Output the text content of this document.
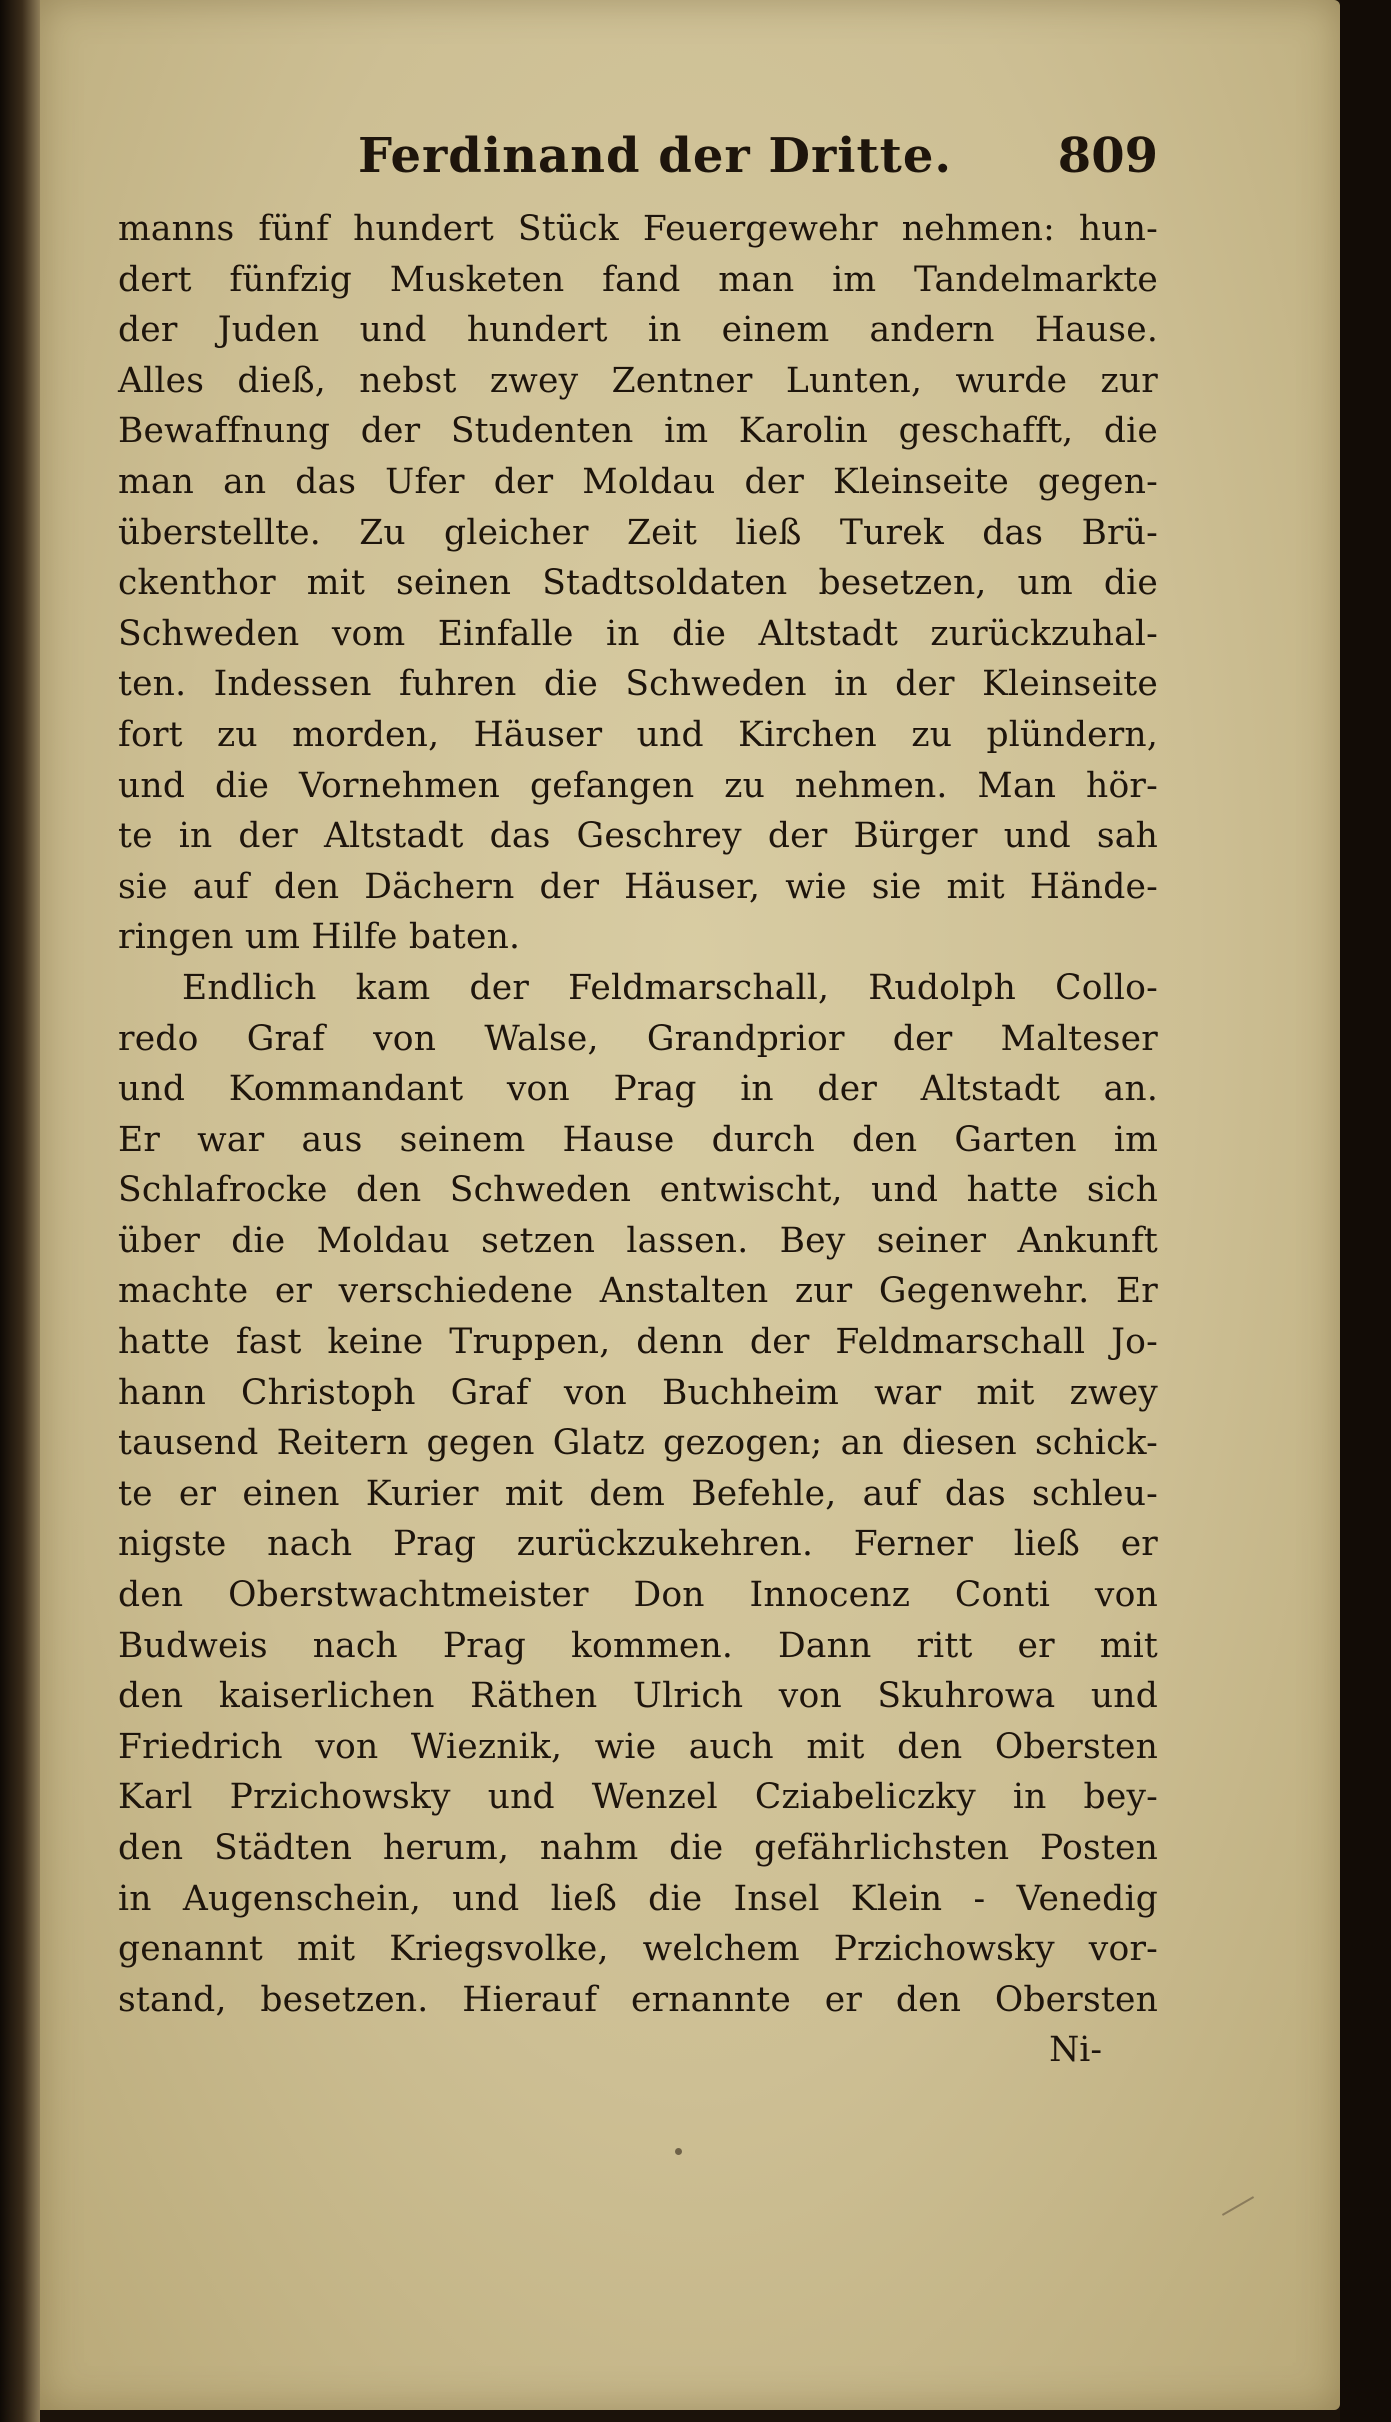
Ferdinand der Dritte. 809
manns fünf hundert Stück Feuergewehr nehmen: hun-
dert fünfzig Musketen fand man im Tandelmarkte
der Juden und hundert in einem andern Hause.
Alles dieß, nebst zwey Zentner Lunten, wurde zur
Bewaffnung der Studenten im Karolin geschafft, die
man an das Ufer der Moldau der Kleinseite gegen-
überstellte. Zu gleicher Zeit ließ Turek das Brü-
ckenthor mit seinen Stadtsoldaten besetzen, um die
Schweden vom Einfalle in die Altstadt zurückzuhal-
ten. Indessen fuhren die Schweden in der Kleinseite
fort zu morden, Häuser und Kirchen zu plündern,
und die Vornehmen gefangen zu nehmen. Man hör-
te in der Altstadt das Geschrey der Bürger und sah
sie auf den Dächern der Häuser, wie sie mit Hände-
ringen um Hilfe baten.
Endlich kam der Feldmarschall, Rudolph Collo-
redo Graf von Walse, Grandprior der Malteser
und Kommandant von Prag in der Altstadt an.
Er war aus seinem Hause durch den Garten im
Schlafrocke den Schweden entwischt, und hatte sich
über die Moldau setzen lassen. Bey seiner Ankunft
machte er verschiedene Anstalten zur Gegenwehr. Er
hatte fast keine Truppen, denn der Feldmarschall Jo-
hann Christoph Graf von Buchheim war mit zwey
tausend Reitern gegen Glatz gezogen; an diesen schick-
te er einen Kurier mit dem Befehle, auf das schleu-
nigste nach Prag zurückzukehren. Ferner ließ er
den Oberstwachtmeister Don Innocenz Conti von
Budweis nach Prag kommen. Dann ritt er mit
den kaiserlichen Räthen Ulrich von Skuhrowa und
Friedrich von Wieznik, wie auch mit den Obersten
Karl Przichowsky und Wenzel Cziabeliczky in bey-
den Städten herum, nahm die gefährlichsten Posten
in Augenschein, und ließ die Insel Klein - Venedig
genannt mit Kriegsvolke, welchem Przichowsky vor-
stand, besetzen. Hierauf ernannte er den Obersten
Ni-
